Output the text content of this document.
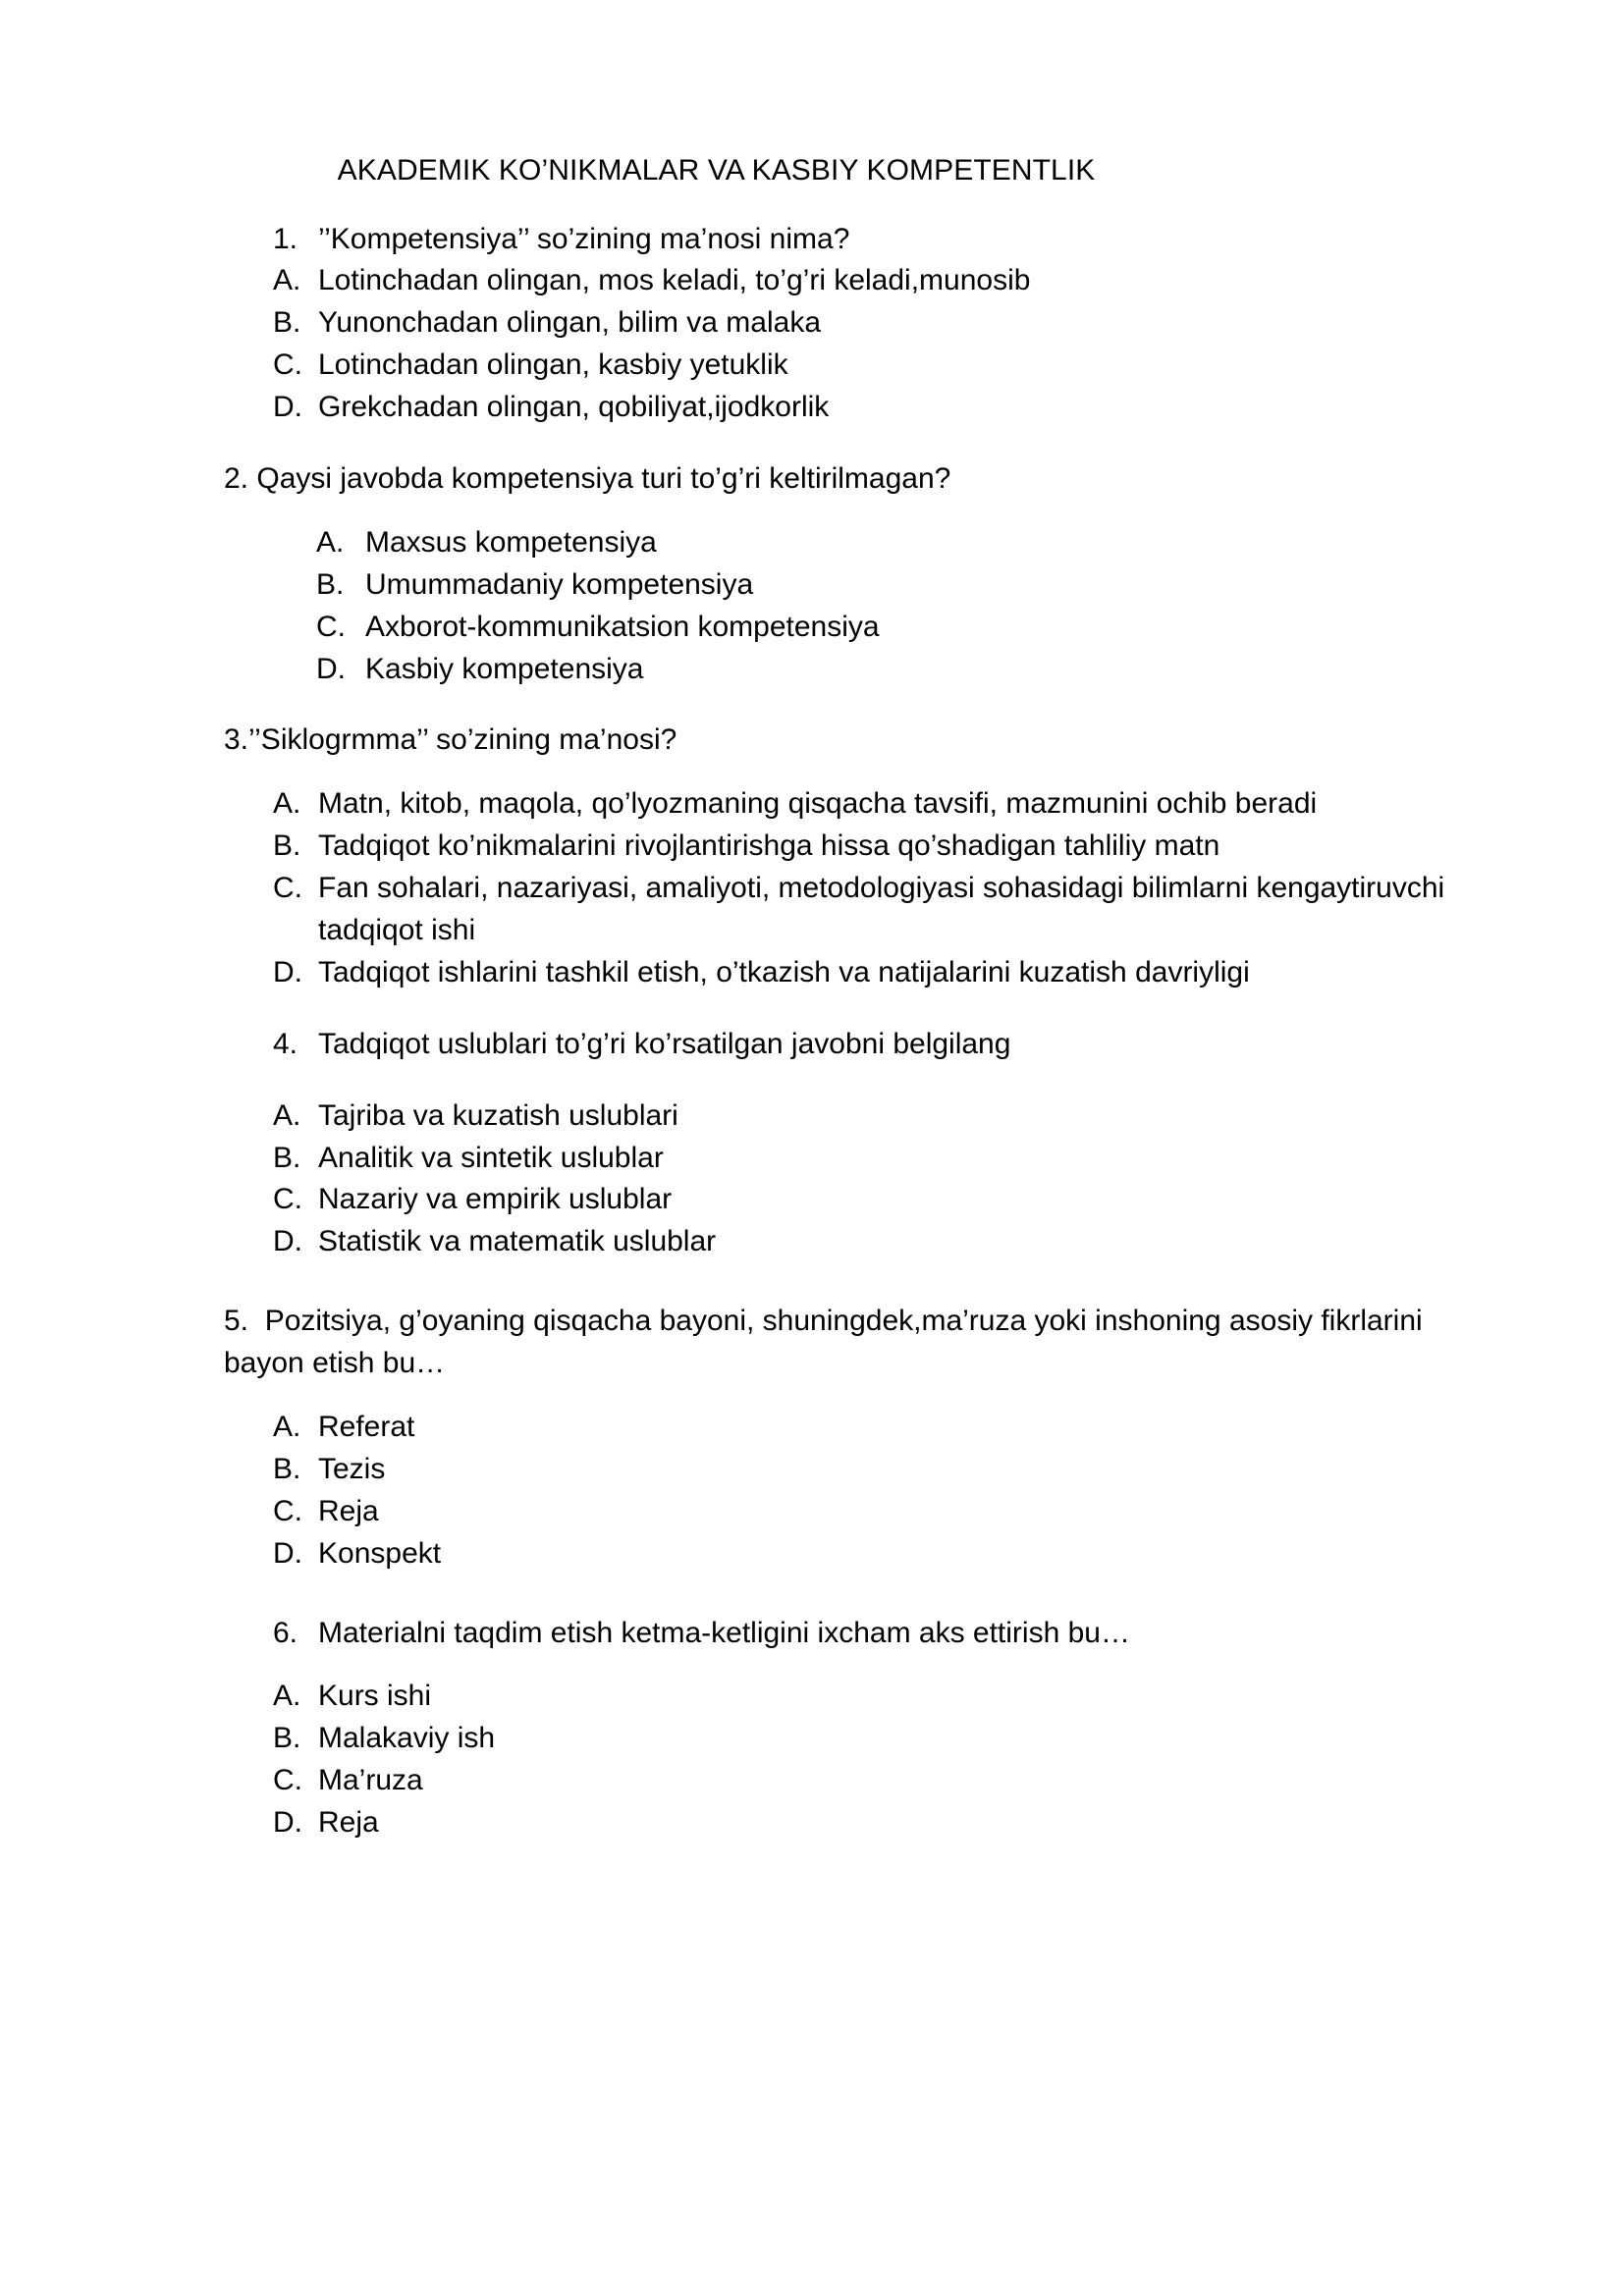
AKADEMIK KO’NIKMALAR VA KASBIY KOMPETENTLIK
1. ’’Kompetensiya’’ so’zining ma’nosi nima?
A. Lotinchadan olingan, mos keladi, to’g’ri keladi,munosib
B. Yunonchadan olingan, bilim va malaka
C. Lotinchadan olingan, kasbiy yetuklik
D. Grekchadan olingan, qobiliyat,ijodkorlik
2. Qaysi javobda kompetensiya turi to’g’ri keltirilmagan?
A. Maxsus kompetensiya
B. Umummadaniy kompetensiya
C. Axborot-kommunikatsion kompetensiya
D. Kasbiy kompetensiya
3.’’Siklogrmma’’ so’zining ma’nosi?
A. Matn, kitob, maqola, qo’lyozmaning qisqacha tavsifi, mazmunini ochib beradi
B. Tadqiqot ko’nikmalarini rivojlantirishga hissa qo’shadigan tahliliy matn
C. Fan sohalari, nazariyasi, amaliyoti, metodologiyasi sohasidagi bilimlarni kengaytiruvchi tadqiqot ishi
D. Tadqiqot ishlarini tashkil etish, o’tkazish va natijalarini kuzatish davriyligi
4. Tadqiqot uslublari to’g’ri ko’rsatilgan javobni belgilang
A. Tajriba va kuzatish uslublari
B. Analitik va sintetik uslublar
C. Nazariy va empirik uslublar
D. Statistik va matematik uslublar
5.  Pozitsiya, g’oyaning qisqacha bayoni, shuningdek,ma’ruza yoki inshoning asosiy fikrlarini bayon etish bu…
A. Referat
B. Tezis
C. Reja
D. Konspekt
6. Materialni taqdim etish ketma-ketligini ixcham aks ettirish bu…
A. Kurs ishi
B. Malakaviy ish
C. Ma’ruza
D. Reja
